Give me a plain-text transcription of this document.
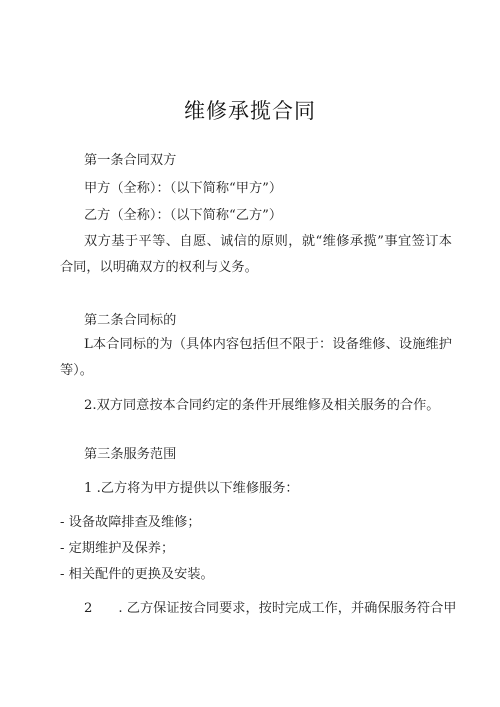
维修承揽合同
第一条合同双方
甲方（全称）：（以下简称“甲方”）
乙方（全称）：（以下简称“乙方”）
双方基于平等、自愿、诚信的原则，就“维修承揽”事宜签订本合同，以明确双方的权利与义务。
第二条合同标的
L本合同标的为（具体内容包括但不限于：设备维修、设施维护等）。
2.双方同意按本合同约定的条件开展维修及相关服务的合作。
第三条服务范围
1 .乙方将为甲方提供以下维修服务：
- 设备故障排查及维修；
- 定期维护及保养；
- 相关配件的更换及安装。
2 . 乙方保证按合同要求，按时完成工作，并确保服务符合甲
